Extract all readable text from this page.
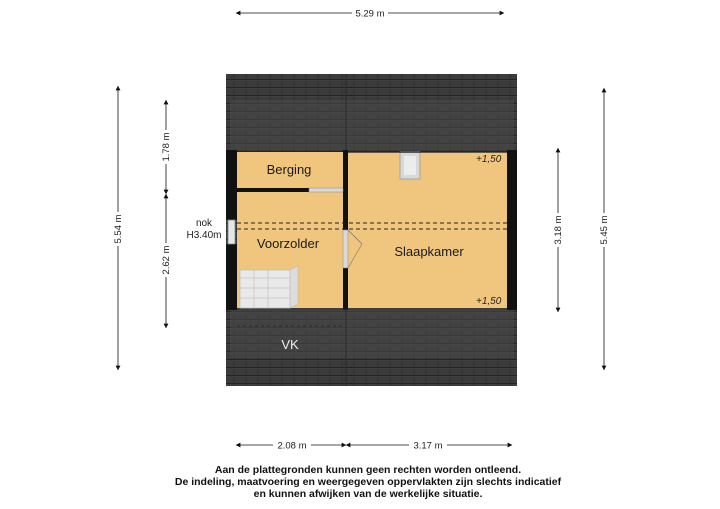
5.29 m
5.54 m
1.78 m
2.62 m
3.18 m	5.45 m
2.08 m	3.17 m
Berging
Voorzolder
Slaapkamer
VK
+1,50
+1,50
nok
H3.40m
Aan de plattegronden kunnen geen rechten worden ontleend.
De indeling, maatvoering en weergegeven oppervlakten zijn slechts indicatief
en kunnen afwijken van de werkelijke situatie.
